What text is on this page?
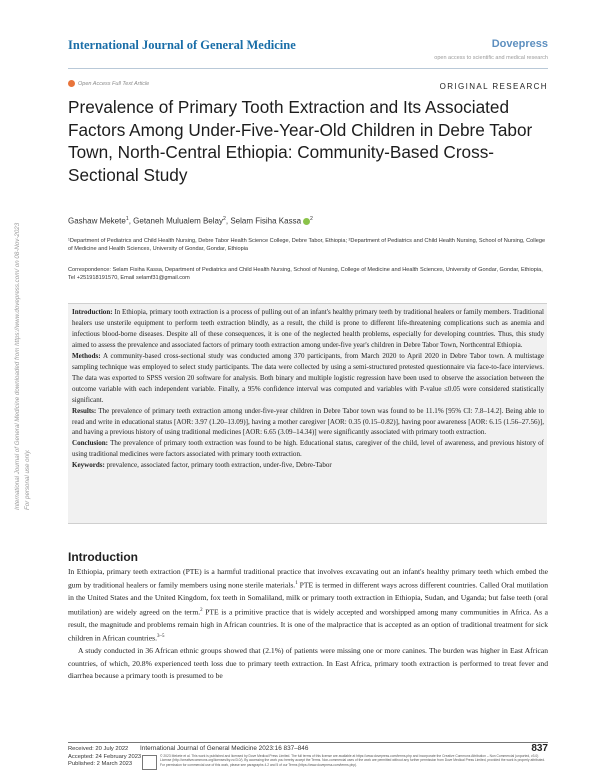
International Journal of General Medicine downloaded from https://www.dovepress.com/ on 08-Nov-2023 For personal use only.
International Journal of General Medicine	Dovepress
open access to scientific and medical research
Open Access Full Text Article	ORIGINAL RESEARCH
Prevalence of Primary Tooth Extraction and Its Associated Factors Among Under-Five-Year-Old Children in Debre Tabor Town, North-Central Ethiopia: Community-Based Cross-Sectional Study
Gashaw Mekete$^1$, Getaneh Mulualem Belay$^2$, Selam Fisiha Kassa $^2$
¹Department of Pediatrics and Child Health Nursing, Debre Tabor Health Science College, Debre Tabor, Ethiopia; ²Department of Pediatrics and Child Health Nursing, School of Nursing, College of Medicine and Health Sciences, University of Gondar, Gondar, Ethiopia
Correspondence: Selam Fisiha Kassa, Department of Pediatrics and Child Health Nursing, School of Nursing, College of Medicine and Health Sciences, University of Gondar, Gondar, Ethiopia, Tel +251918191570, Email selamf31@gmail.com
Introduction: In Ethiopia, primary tooth extraction is a process of pulling out of an infant's healthy primary teeth by traditional healers or family members. Traditional healers use unsterile equipment to perform teeth extraction blindly, as a result, the child is prone to different life-threatening complications such as anemia and infectious blood-borne diseases. Despite all of these consequences, it is one of the neglected health problems, especially for developing countries. Thus, this study aimed to assess the prevalence and associated factors of primary tooth extraction among under-five year's children in Debre Tabor Town, Northcentral Ethiopia.
Methods: A community-based cross-sectional study was conducted among 370 participants, from March 2020 to April 2020 in Debre Tabor town. A multistage sampling technique was employed to select study participants. The data were collected by using a semi-structured pretested questionnaire via face-to-face interviews. The data was exported to SPSS version 20 software for analysis. Both binary and multiple logistic regression have been used to observe the association between the outcome variable with each independent variable. Finally, a 95% confidence interval was computed and variables with P-value ≤0.05 were considered statistically significant.
Results: The prevalence of primary teeth extraction among under-five-year children in Debre Tabor town was found to be 11.1% [95% CI: 7.8–14.2]. Being able to read and write in educational status [AOR: 3.97 (1.20–13.09)], having a mother caregiver [AOR: 0.35 (0.15–0.82)], having poor awareness [AOR: 6.15 (1.56–27.56)], and having a previous history of using traditional medicines [AOR: 6.65 (3.09–14.34)] were significantly associated with primary tooth extraction.
Conclusion: The prevalence of primary tooth extraction was found to be high. Educational status, caregiver of the child, level of awareness, and previous history of using traditional medicines were factors associated with primary tooth extraction.
Keywords: prevalence, associated factor, primary tooth extraction, under-five, Debre-Tabor
Introduction

In Ethiopia, primary teeth extraction (PTE) is a harmful traditional practice that involves excavating out an infant's healthy primary teeth which embed the gum by traditional healers or family members using none sterile materials.$^1$ PTE is termed in different ways across different countries. Called Oral mutilation in the United States and the United Kingdom, fox teeth in Somaliland, milk or primary tooth extraction in Ethiopia, Sudan, and Uganda; but false teeth (oral mutilation) are widely agreed on the term.$^2$ PTE is a primitive practice that is widely accepted and worshipped among many communities in Africa. As a result, the magnitude and problems remain high in African countries. It is one of the malpractice that is accepted as an option of traditional treatment for sick children in African countries.$^{3-5}$

A study conducted in 36 African ethnic groups showed that (2.1%) of patients were missing one or more canines. The burden was higher in East African countries, of which, 20.8% experienced teeth loss due to primary teeth extraction. In East Africa, primary tooth extraction is performed to treat fever and diarrhea because a primary tooth is presumed to be

Received: 20 July 2022
Accepted: 24 February 2023
Published: 2 March 2023
International Journal of General Medicine 2023:16 837–846	837
© 2023 Mekete et al. This work is published and licensed by Dove Medical Press Limited. The full terms of this license are available at https://www.dovepress.com/terms.php and incorporate the Creative Commons Attribution – Non Commercial (unported, v3.0) License (http://creativecommons.org/licenses/by-nc/3.0/). By accessing the work you hereby accept the Terms. Non-commercial uses of the work are permitted without any further permission from Dove Medical Press Limited, provided the work is properly attributed. For permission for commercial use of this work, please see paragraphs 4.2 and 5 of our Terms (https://www.dovepress.com/terms.php).
